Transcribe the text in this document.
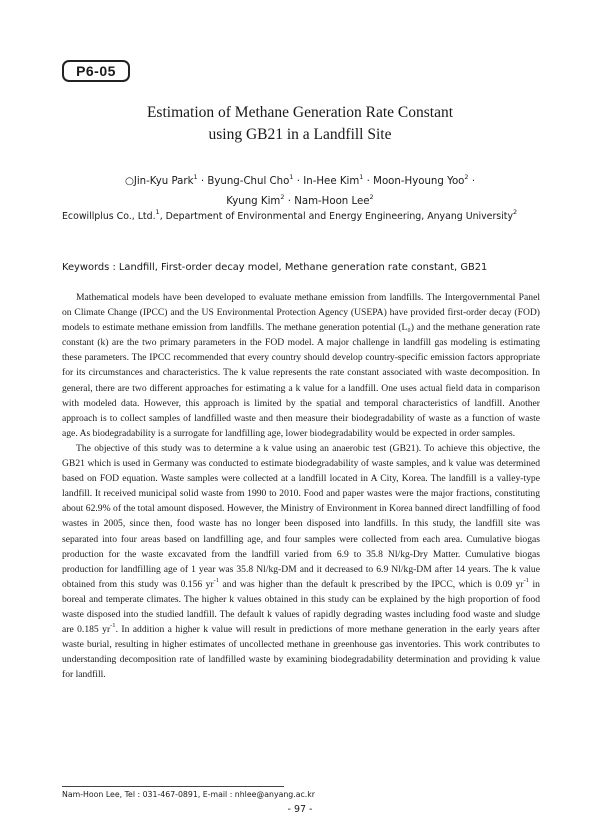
P6-05
Estimation of Methane Generation Rate Constant
using GB21 in a Landfill Site
○Jin-Kyu Park$^1$ · Byung-Chul Cho$^1$ · In-Hee Kim$^1$ · Moon-Hyoung Yoo$^2$ ·
Kyung Kim$^2$ · Nam-Hoon Lee$^2$
Ecowillplus Co., Ltd.$^1$, Department of Environmental and Energy Engineering, Anyang University$^2$
Keywords : Landfill, First-order decay model, Methane generation rate constant, GB21

Mathematical models have been developed to evaluate methane emission from landfills. The Intergovernmental Panel on Climate Change (IPCC) and the US Environmental Protection Agency (USEPA) have provided first-order decay (FOD) models to estimate methane emission from landfills. The methane generation potential (L₀) and the methane generation rate constant (k) are the two primary parameters in the FOD model. A major challenge in landfill gas modeling is estimating these parameters. The IPCC recommended that every country should develop country-specific emission factors appropriate for its circumstances and characteristics. The k value represents the rate constant associated with waste decomposition. In general, there are two different approaches for estimating a k value for a landfill. One uses actual field data in comparison with modeled data. However, this approach is limited by the spatial and temporal characteristics of landfill. Another approach is to collect samples of landfilled waste and then measure their biodegradability of waste as a function of waste age. As biodegradability is a surrogate for landfilling age, lower biodegradability would be expected in order samples.

The objective of this study was to determine a k value using an anaerobic test (GB21). To achieve this objective, the GB21 which is used in Germany was conducted to estimate biodegradability of waste samples, and k value was determined based on FOD equation. Waste samples were collected at a landfill located in A City, Korea. The landfill is a valley-type landfill. It received municipal solid waste from 1990 to 2010. Food and paper wastes were the major fractions, constituting about 62.9% of the total amount disposed. However, the Ministry of Environment in Korea banned direct landfilling of food wastes in 2005, since then, food waste has no longer been disposed into landfills. In this study, the landfill site was separated into four areas based on landfilling age, and four samples were collected from each area. Cumulative biogas production for the waste excavated from the landfill varied from 6.9 to 35.8 Nl/kg-Dry Matter. Cumulative biogas production for landfilling age of 1 year was 35.8 Nl/kg-DM and it decreased to 6.9 Nl/kg-DM after 14 years. The k value obtained from this study was 0.156 $yr^{-1}$ and was higher than the default k prescribed by the IPCC, which is 0.09 $yr^{-1}$ in boreal and temperate climates. The higher k values obtained in this study can be explained by the high proportion of food waste disposed into the studied landfill. The default k values of rapidly degrading wastes including food waste and sludge are 0.185 $yr^{-1}$. In addition a higher k value will result in predictions of more methane generation in the early years after waste burial, resulting in higher estimates of uncollected methane in greenhouse gas inventories. This work contributes to understanding decomposition rate of landfilled waste by examining biodegradability determination and providing k value for landfill.

Nam-Hoon Lee, Tel : 031-467-0891, E-mail : nhlee@anyang.ac.kr
- 97 -
